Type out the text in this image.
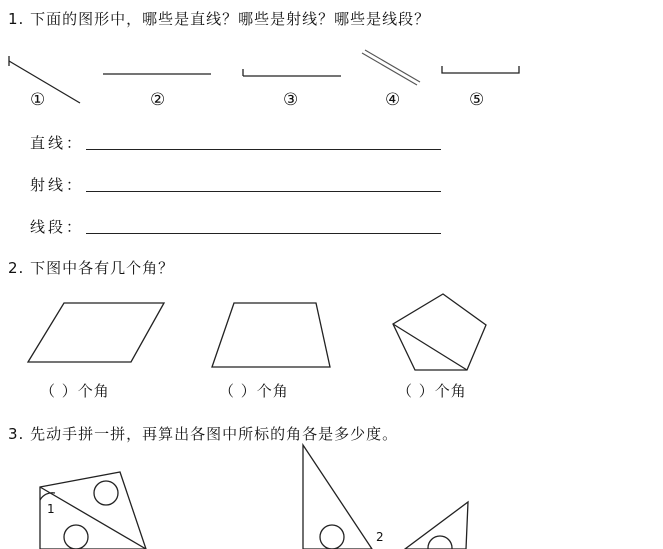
1. 下面的图形中，哪些是直线？哪些是射线？哪些是线段？
①	②	③	④	⑤
直线：
射线：
线段：
2. 下图中各有几个角？
（ ）个角	（ ）个角	（ ）个角
3. 先动手拼一拼，再算出各图中所标的角各是多少度。
1
2
